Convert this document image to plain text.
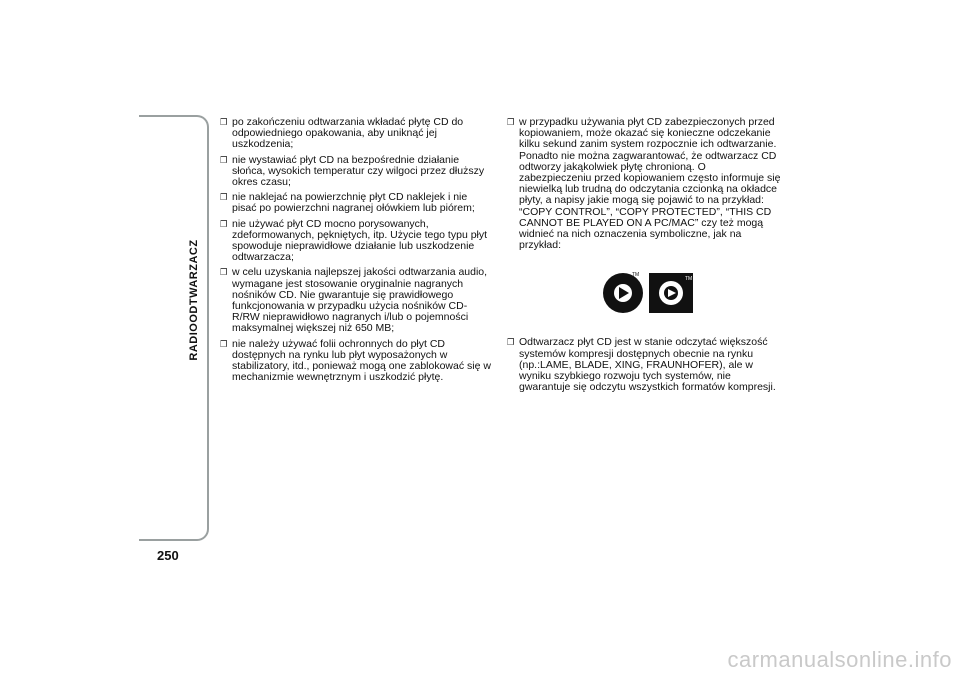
RADIOODTWARZACZ
250
❒ po zakończeniu odtwarzania wkładać płytę CD do odpowiedniego opakowania, aby uniknąć jej uszkodzenia;
❒ nie wystawiać płyt CD na bezpośrednie działanie słońca, wysokich temperatur czy wilgoci przez dłuższy okres czasu;
❒ nie naklejać na powierzchnię płyt CD naklejek i nie pisać po powierzchni nagranej ołówkiem lub piórem;
❒ nie używać płyt CD mocno porysowanych, zdeformowanych, pękniętych, itp. Użycie tego typu płyt spowoduje nieprawidłowe działanie lub uszkodzenie odtwarzacza;
❒ w celu uzyskania najlepszej jakości odtwarzania audio, wymagane jest stosowanie oryginalnie nagranych nośników CD. Nie gwarantuje się prawidłowego funkcjonowania w przypadku użycia nośników CD-R/RW nieprawidłowo nagranych i/lub o pojemności maksymalnej większej niż 650 MB;
❒ nie należy używać folii ochronnych do płyt CD dostępnych na rynku lub płyt wyposażonych w stabilizatory, itd., ponieważ mogą one zablokować się w mechanizmie wewnętrznym i uszkodzić płytę.
❒ w przypadku używania płyt CD zabezpieczonych przed kopiowaniem, może okazać się konieczne odczekanie kilku sekund zanim system rozpocznie ich odtwarzanie. Ponadto nie można zagwarantować, że odtwarzacz CD odtworzy jakąkolwiek płytę chronioną. O zabezpieczeniu przed kopiowaniem często informuje się niewielką lub trudną do odczytania czcionką na okładce płyty, a napisy jakie mogą się pojawić to na przykład: “COPY CONTROL”, “COPY PROTECTED”, “THIS CD CANNOT BE PLAYED ON A PC/MAC” czy też mogą widnieć na nich oznaczenia symboliczne, jak na przykład:
TM
TM
❒ Odtwarzacz płyt CD jest w stanie odczytać większość systemów kompresji dostępnych obecnie na rynku (np.:LAME, BLADE, XING, FRAUNHOFER), ale w wyniku szybkiego rozwoju tych systemów, nie gwarantuje się odczytu wszystkich formatów kompresji.
carmanualsonline.info
